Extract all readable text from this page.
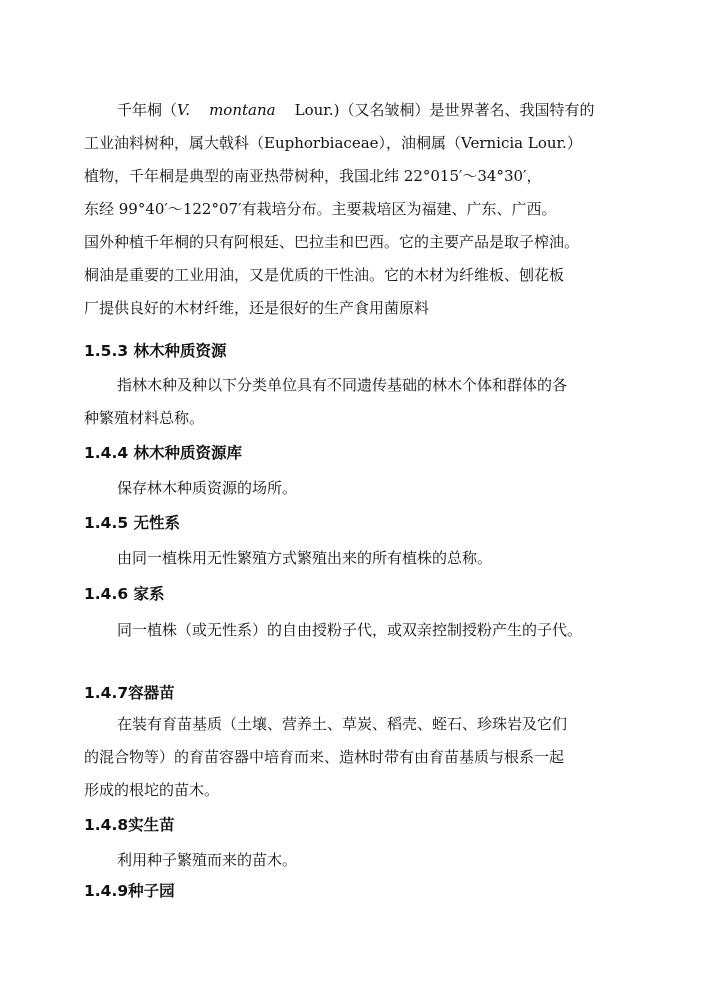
千年桐（V. montana Lour.)（又名皱桐）是世界著名、我国特有的
工业油料树种，属大戟科（Euphorbiaceae），油桐属（Vernicia Lour.）
植物，千年桐是典型的南亚热带树种，我国北纬 22°015′～34°30′，
东经 99°40′～122°07′有栽培分布。主要栽培区为福建、广东、广西。
国外种植千年桐的只有阿根廷、巴拉圭和巴西。它的主要产品是取子榨油。
桐油是重要的工业用油，又是优质的干性油。它的木材为纤维板、刨花板
厂提供良好的木材纤维，还是很好的生产食用菌原料
1.5.3 林木种质资源
指林木种及种以下分类单位具有不同遗传基础的林木个体和群体的各
种繁殖材料总称。
1.4.4 林木种质资源库
保存林木种质资源的场所。
1.4.5 无性系
由同一植株用无性繁殖方式繁殖出来的所有植株的总称。
1.4.6 家系
同一植株（或无性系）的自由授粉子代，或双亲控制授粉产生的子代。
1.4.7容器苗
在装有育苗基质（土壤、营养土、草炭、稻壳、蛭石、珍珠岩及它们
的混合物等）的育苗容器中培育而来、造林时带有由育苗基质与根系一起
形成的根坨的苗木。
1.4.8实生苗
利用种子繁殖而来的苗木。
1.4.9种子园
